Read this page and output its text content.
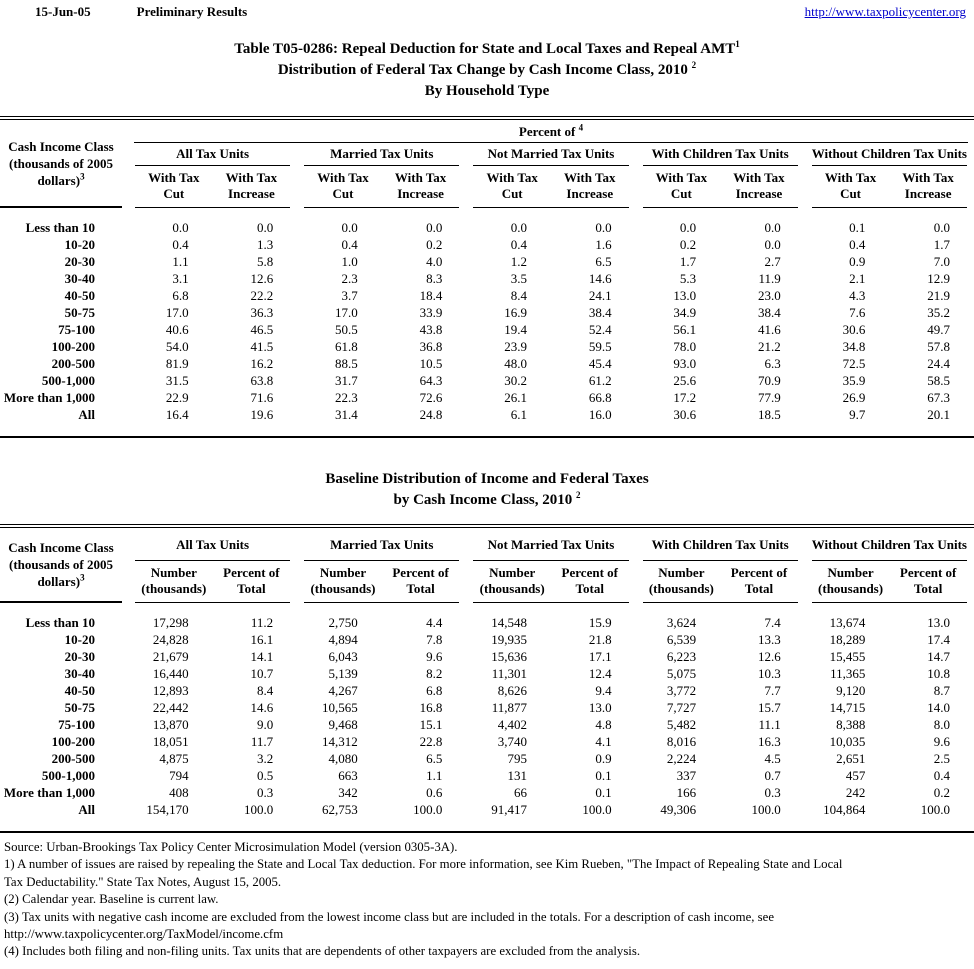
15-Jun-05	Preliminary Results	http://www.taxpolicycenter.org
Table T05-0286: Repeal Deduction for State and Local Taxes and Repeal AMT$^1$
Distribution of Federal Tax Change by Cash Income Class, 2010 $^2$
By Household Type
Cash Income Class
(thousands of 2005
dollars)$^3$
Percent of $^4$
All Tax Units
With Tax Cut
With Tax Increase
Married Tax Units
With Tax Cut
With Tax Increase
Not Married Tax Units
With Tax Cut
With Tax Increase
With Children Tax Units
With Tax Cut
With Tax Increase
Without Children Tax Units
With Tax Cut
With Tax Increase
Less than 10	0.0	0.0	0.0	0.0	0.0	0.0	0.0	0.0	0.1	0.0
10-20	0.4	1.3	0.4	0.2	0.4	1.6	0.2	0.0	0.4	1.7
20-30	1.1	5.8	1.0	4.0	1.2	6.5	1.7	2.7	0.9	7.0
30-40	3.1	12.6	2.3	8.3	3.5	14.6	5.3	11.9	2.1	12.9
40-50	6.8	22.2	3.7	18.4	8.4	24.1	13.0	23.0	4.3	21.9
50-75	17.0	36.3	17.0	33.9	16.9	38.4	34.9	38.4	7.6	35.2
75-100	40.6	46.5	50.5	43.8	19.4	52.4	56.1	41.6	30.6	49.7
100-200	54.0	41.5	61.8	36.8	23.9	59.5	78.0	21.2	34.8	57.8
200-500	81.9	16.2	88.5	10.5	48.0	45.4	93.0	6.3	72.5	24.4
500-1,000	31.5	63.8	31.7	64.3	30.2	61.2	25.6	70.9	35.9	58.5
More than 1,000	22.9	71.6	22.3	72.6	26.1	66.8	17.2	77.9	26.9	67.3
All	16.4	19.6	31.4	24.8	6.1	16.0	30.6	18.5	9.7	20.1
Baseline Distribution of Income and Federal Taxes
by Cash Income Class, 2010 $^2$
Cash Income Class
(thousands of 2005
dollars)$^3$
All Tax Units
Number (thousands)
Percent of Total
Married Tax Units
Number (thousands)
Percent of Total
Not Married Tax Units
Number (thousands)
Percent of Total
With Children Tax Units
Number (thousands)
Percent of Total
Without Children Tax Units
Number (thousands)
Percent of Total
Less than 10	17,298	11.2	2,750	4.4	14,548	15.9	3,624	7.4	13,674	13.0
10-20	24,828	16.1	4,894	7.8	19,935	21.8	6,539	13.3	18,289	17.4
20-30	21,679	14.1	6,043	9.6	15,636	17.1	6,223	12.6	15,455	14.7
30-40	16,440	10.7	5,139	8.2	11,301	12.4	5,075	10.3	11,365	10.8
40-50	12,893	8.4	4,267	6.8	8,626	9.4	3,772	7.7	9,120	8.7
50-75	22,442	14.6	10,565	16.8	11,877	13.0	7,727	15.7	14,715	14.0
75-100	13,870	9.0	9,468	15.1	4,402	4.8	5,482	11.1	8,388	8.0
100-200	18,051	11.7	14,312	22.8	3,740	4.1	8,016	16.3	10,035	9.6
200-500	4,875	3.2	4,080	6.5	795	0.9	2,224	4.5	2,651	2.5
500-1,000	794	0.5	663	1.1	131	0.1	337	0.7	457	0.4
More than 1,000	408	0.3	342	0.6	66	0.1	166	0.3	242	0.2
All	154,170	100.0	62,753	100.0	91,417	100.0	49,306	100.0	104,864	100.0
Source: Urban-Brookings Tax Policy Center Microsimulation Model (version 0305-3A).
1) A number of issues are raised by repealing the State and Local Tax deduction. For more information, see Kim Rueben, "The Impact of Repealing State and Local
Tax Deductability." State Tax Notes, August 15, 2005.
(2) Calendar year. Baseline is current law.
(3) Tax units with negative cash income are excluded from the lowest income class but are included in the totals. For a description of cash income, see
http://www.taxpolicycenter.org/TaxModel/income.cfm
(4) Includes both filing and non-filing units. Tax units that are dependents of other taxpayers are excluded from the analysis.
